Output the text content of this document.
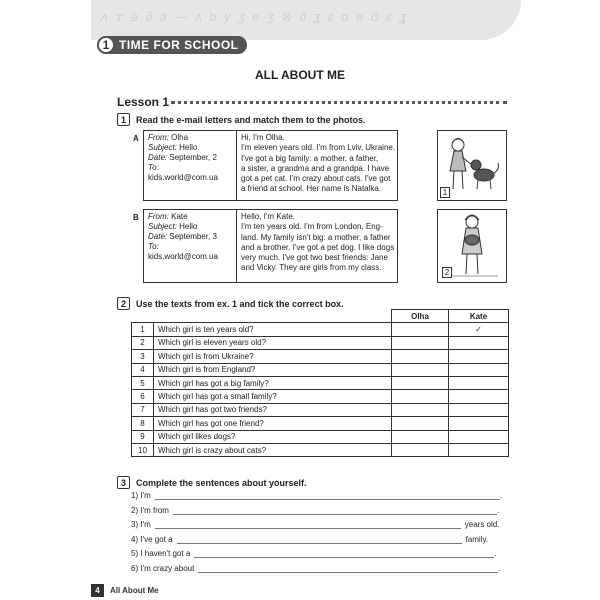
ʌ ɤ ə ∂ a — ʌ b y ʒ e ʒ ⊗ ∂ ʓ ε ɑ ʀ ß ɛ ʓ
1 TIME FOR SCHOOL
ALL ABOUT ME
Lesson 1
1	Read the e-mail letters and match them to the photos.
A From: Olha
Subject: Hello
Date: September, 2
To:
kids.world@com.ua
Hi, I'm Olha.
I'm eleven years old. I'm from Lviv, Ukraine.
I've got a big family: a mother, a father,
a sister, a grandma and a grandpa. I have
got a pet cat. I'm crazy about cats. I've got
a friend at school. Her name is Natalka.	1
B From: Kate
Subject: Hello
Date: September, 3
To:
kids.world@com.ua
Hello, I'm Kate.
I'm ten years old. I'm from London, Eng-
land. My family isn't big: a mother, a father
and a brother. I've got a pet dog. I like dogs
very much. I've got two best friends: Jane
and Vicky. They are girls from my class.
2
2	Use the texts from ex. 1 and tick the correct box.
		Olha	Kate
1	Which girl is ten years old?		✓
2	Which girl is eleven years old?		
3	Which girl is from Ukraine?		
4	Which girl is from England?		
5	Which girl has got a big family?		
6	Which girl has got a small family?		
7	Which girl has got two friends?		
8	Which girl has got one friend?		
9	Which girl likes dogs?		
10	Which girl is crazy about cats?		
3	Complete the sentences about yourself.
1) I'm	.
2) I'm from	.
3) I'm	years old.
4) I've got a	family.
5) I haven't got a	.
6) I'm crazy about	.
4	All About Me
